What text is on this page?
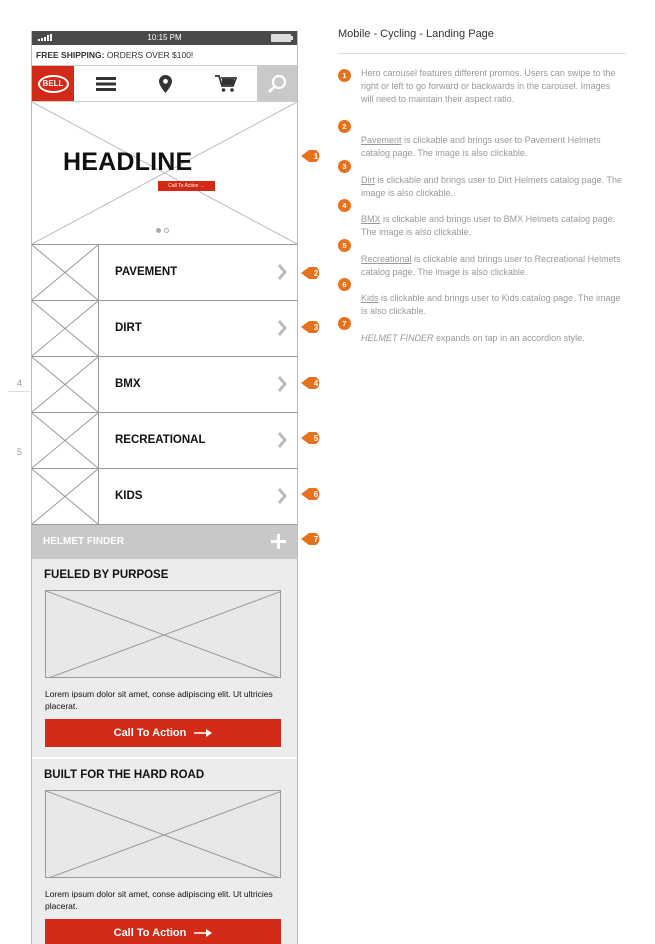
4
5
10:15 PM
FREE SHIPPING: ORDERS OVER $100!
BELL
HEADLINE
Call To Action →
PAVEMENT
DIRT
BMX
RECREATIONAL
KIDS
HELMET FINDER
FUELED BY PURPOSE
Lorem ipsum dolor sit amet, conse adipiscing elit. Ut ultricies placerat.
Call To Action
BUILT FOR THE HARD ROAD
Lorem ipsum dolor sit amet, conse adipiscing elit. Ut ultricies placerat.
Call To Action
1
2
3
4
5
6
7
Mobile - Cycling - Landing Page
1	Hero carousel features different promos. Users can swipe to the right or left to go forward or backwards in the carousel. Images will need to maintain their aspect ratio.
2
Pavement is clickable and brings user to Pavement Helmets catalog page. The image is also clickable.
3
Dirt is clickable and brings user to Dirt Helmets catalog page. The image is also clickable.
4
BMX is clickable and brings user to BMX Helmets catalog page. The image is also clickable.
5
Recreational is clickable and brings user to Recreational Helmets catalog page. The image is also clickable.
6
Kids is clickable and brings user to Kids catalog page. The image is also clickable.
7
HELMET FINDER expands on tap in an accordion style.
